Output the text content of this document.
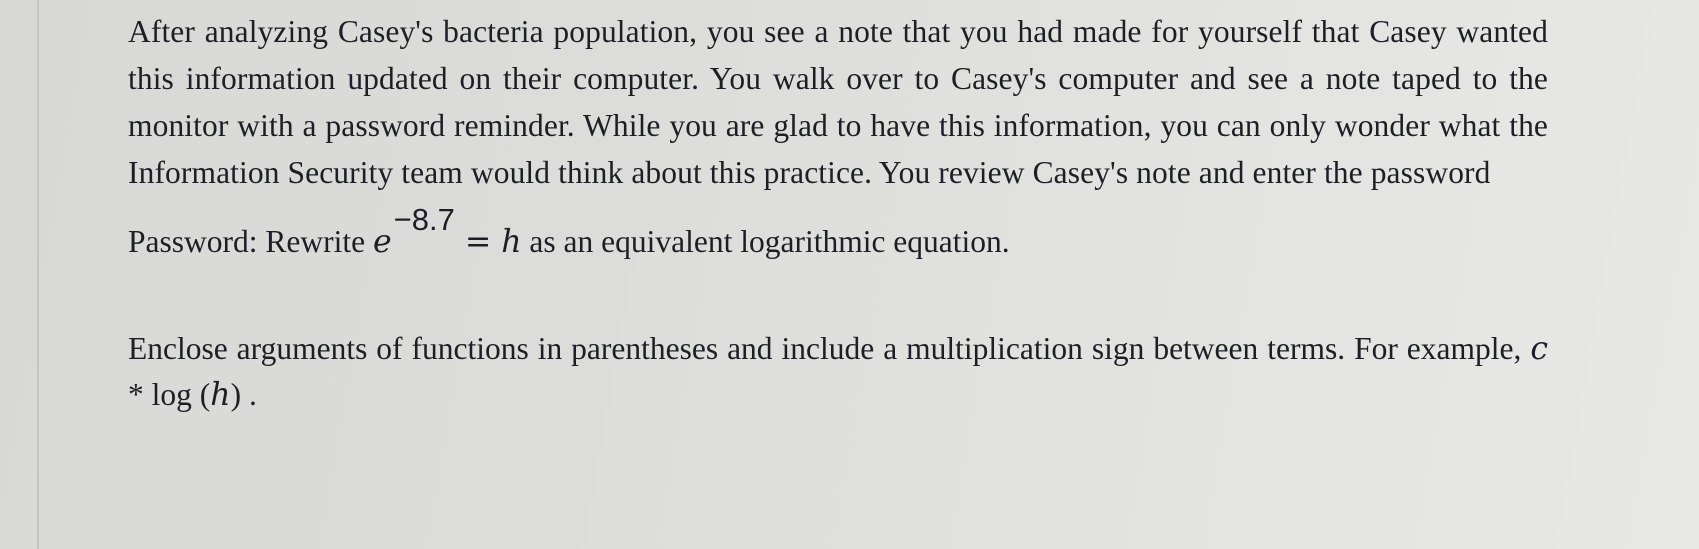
After analyzing Casey's bacteria population, you see a note that you had made for yourself that Casey wanted this information updated on their computer. You walk over to Casey's computer and see a note taped to the monitor with a password reminder. While you are glad to have this information, you can only wonder what the Information Security team would think about this practice. You review Casey's note and enter the password

Password: Rewrite e−8.7= h as an equivalent logarithmic equation.

Enclose arguments of functions in parentheses and include a multiplication sign between terms. For example, c * log (h) .
